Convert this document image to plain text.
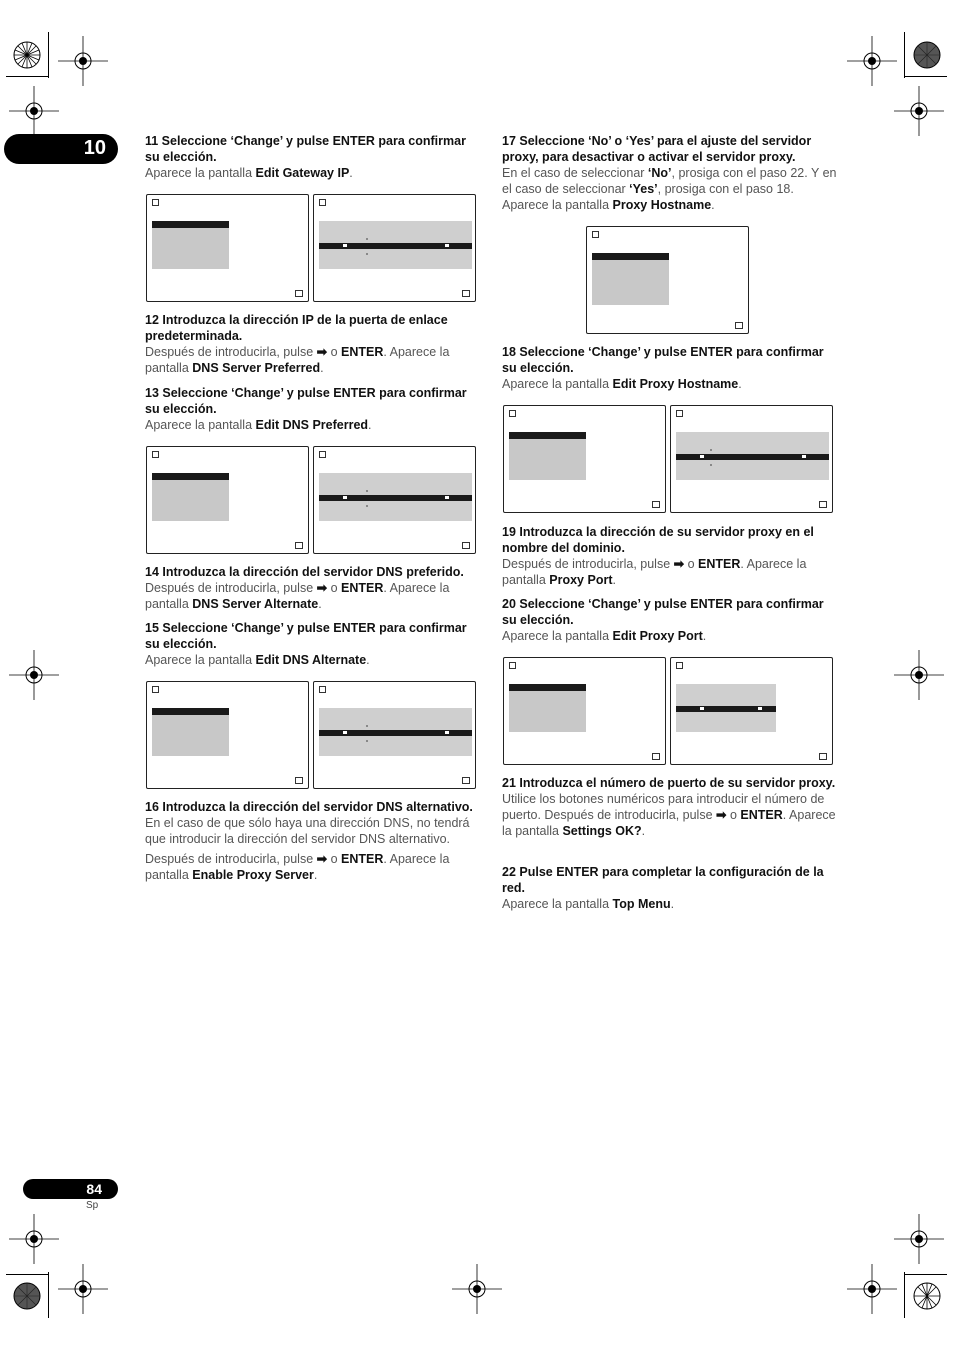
10	11 Seleccione ‘Change’ y pulse ENTER para confirmar su elección.
Aparece la pantalla Edit Gateway IP.
12 Introduzca la dirección IP de la puerta de enlace predeterminada.
Después de introducirla, pulse ➡ o ENTER. Aparece la pantalla DNS Server Preferred.
13 Seleccione ‘Change’ y pulse ENTER para confirmar su elección.
Aparece la pantalla Edit DNS Preferred.
14 Introduzca la dirección del servidor DNS preferido.
Después de introducirla, pulse ➡ o ENTER. Aparece la pantalla DNS Server Alternate.
15 Seleccione ‘Change’ y pulse ENTER para confirmar su elección.
Aparece la pantalla Edit DNS Alternate.
16 Introduzca la dirección del servidor DNS alternativo.
En el caso de que sólo haya una dirección DNS, no tendrá que introducir la dirección del servidor DNS alternativo.
Después de introducirla, pulse ➡ o ENTER. Aparece la pantalla Enable Proxy Server.
17 Seleccione ‘No’ o ‘Yes’ para el ajuste del servidor proxy, para desactivar o activar el servidor proxy.
En el caso de seleccionar ‘No’, prosiga con el paso 22. Y en el caso de seleccionar ‘Yes’, prosiga con el paso 18. Aparece la pantalla Proxy Hostname.
18 Seleccione ‘Change’ y pulse ENTER para confirmar su elección.
Aparece la pantalla Edit Proxy Hostname.
19 Introduzca la dirección de su servidor proxy en el nombre del dominio.
Después de introducirla, pulse ➡ o ENTER. Aparece la pantalla Proxy Port.
20 Seleccione ‘Change’ y pulse ENTER para confirmar su elección.
Aparece la pantalla Edit Proxy Port.
21 Introduzca el número de puerto de su servidor proxy.
Utilice los botones numéricos para introducir el número de puerto. Después de introducirla, pulse ➡ o ENTER. Aparece la pantalla Settings OK?.
22 Pulse ENTER para completar la configuración de la red.
Aparece la pantalla Top Menu.
84
Sp
